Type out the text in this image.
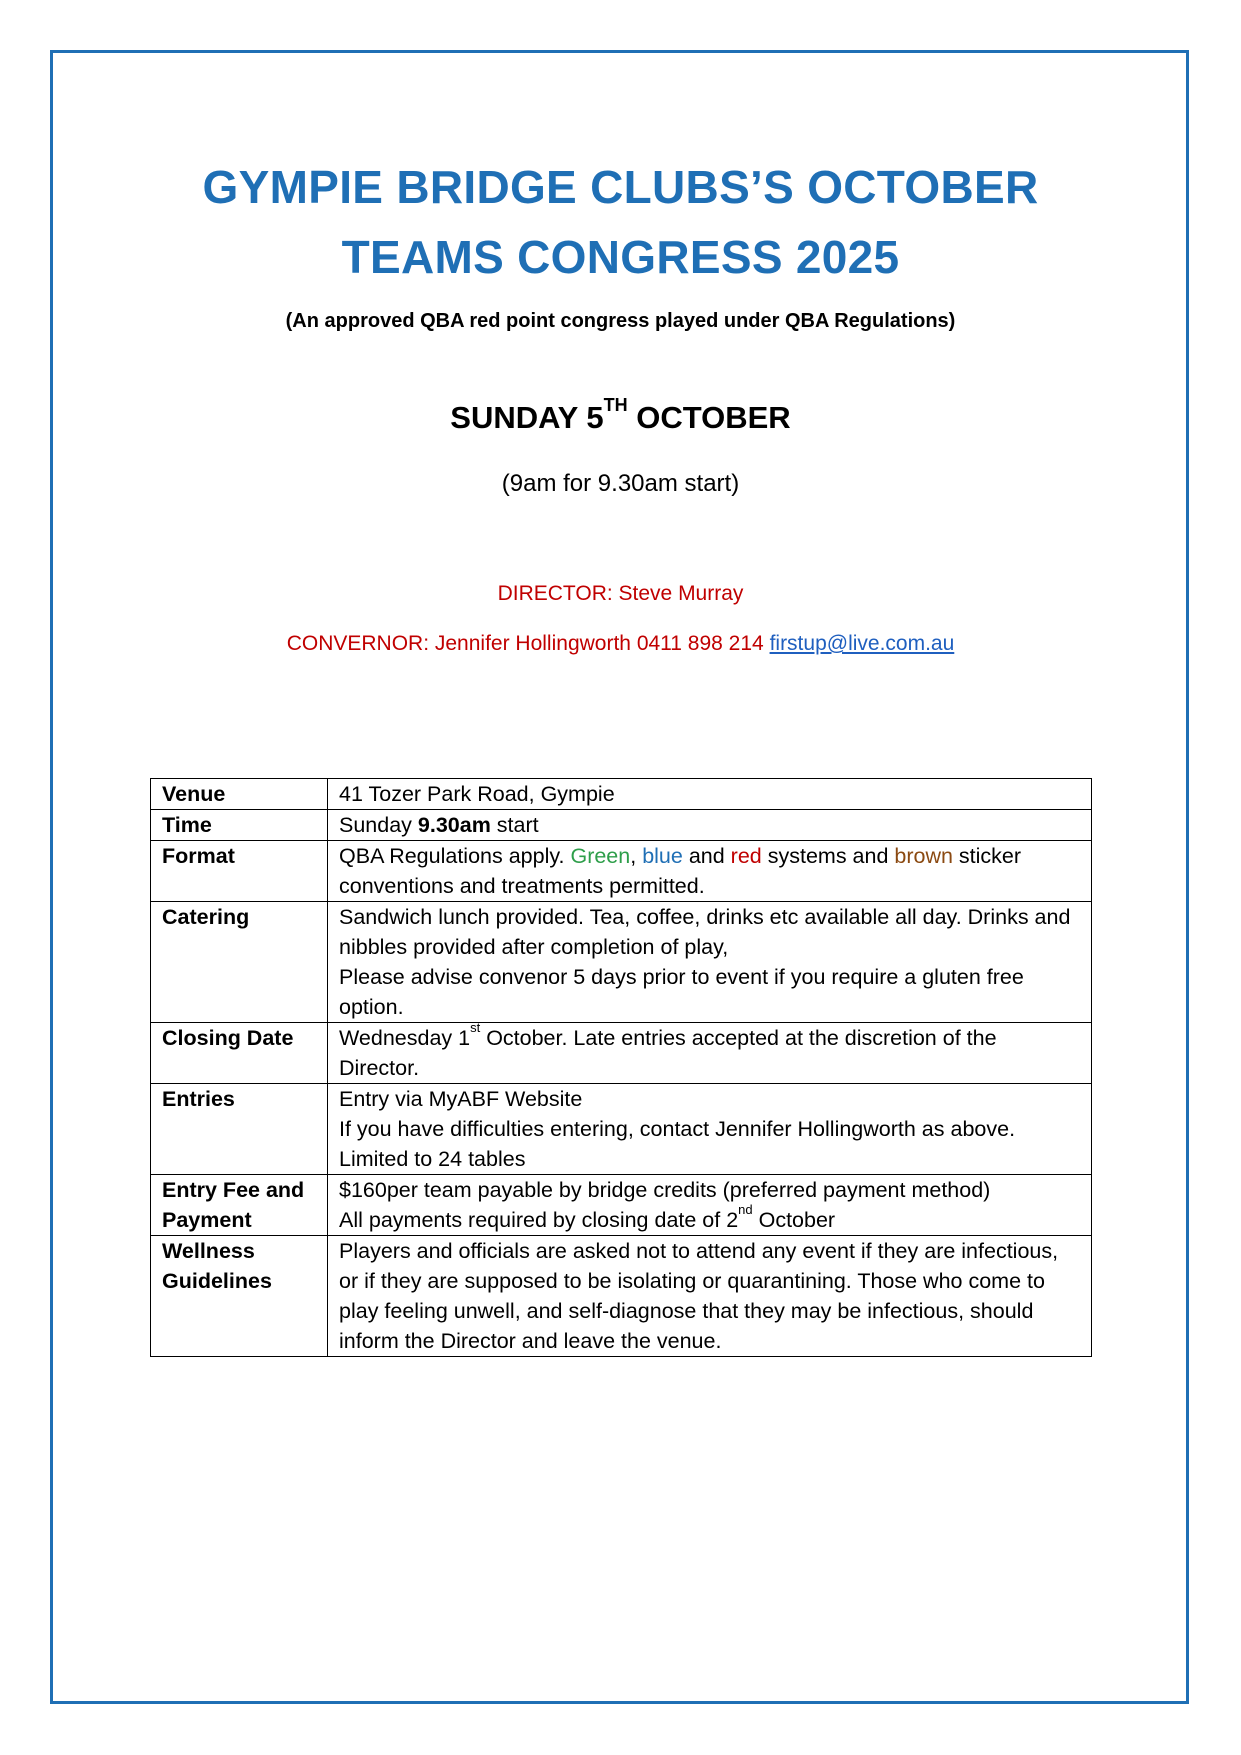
GYMPIE BRIDGE CLUBS’S OCTOBER
TEAMS CONGRESS 2025
(An approved QBA red point congress played under QBA Regulations)
SUNDAY 5TH OCTOBER
(9am for 9.30am start)
DIRECTOR: Steve Murray
CONVERNOR: Jennifer Hollingworth 0411 898 214 firstup@live.com.au
Venue	41 Tozer Park Road, Gympie
Time	Sunday 9.30am start
Format	QBA Regulations apply. Green, blue and red systems and brown sticker conventions and treatments permitted.
Catering	Sandwich lunch provided. Tea, coffee, drinks etc available all day. Drinks and nibbles provided after completion of play,
Please advise convenor 5 days prior to event if you require a gluten free option.

Closing Date	Wednesday 1st October. Late entries accepted at the discretion of the Director.
Entries	Entry via MyABF Website
If you have difficulties entering, contact Jennifer Hollingworth as above.
Limited to 24 tables

Entry Fee and Payment	$160per team payable by bridge credits (preferred payment method)
All payments required by closing date of 2nd October

Wellness Guidelines	Players and officials are asked not to attend any event if they are infectious, or if they are supposed to be isolating or quarantining. Those who come to play feeling unwell, and self-diagnose that they may be infectious, should inform the Director and leave the venue.
